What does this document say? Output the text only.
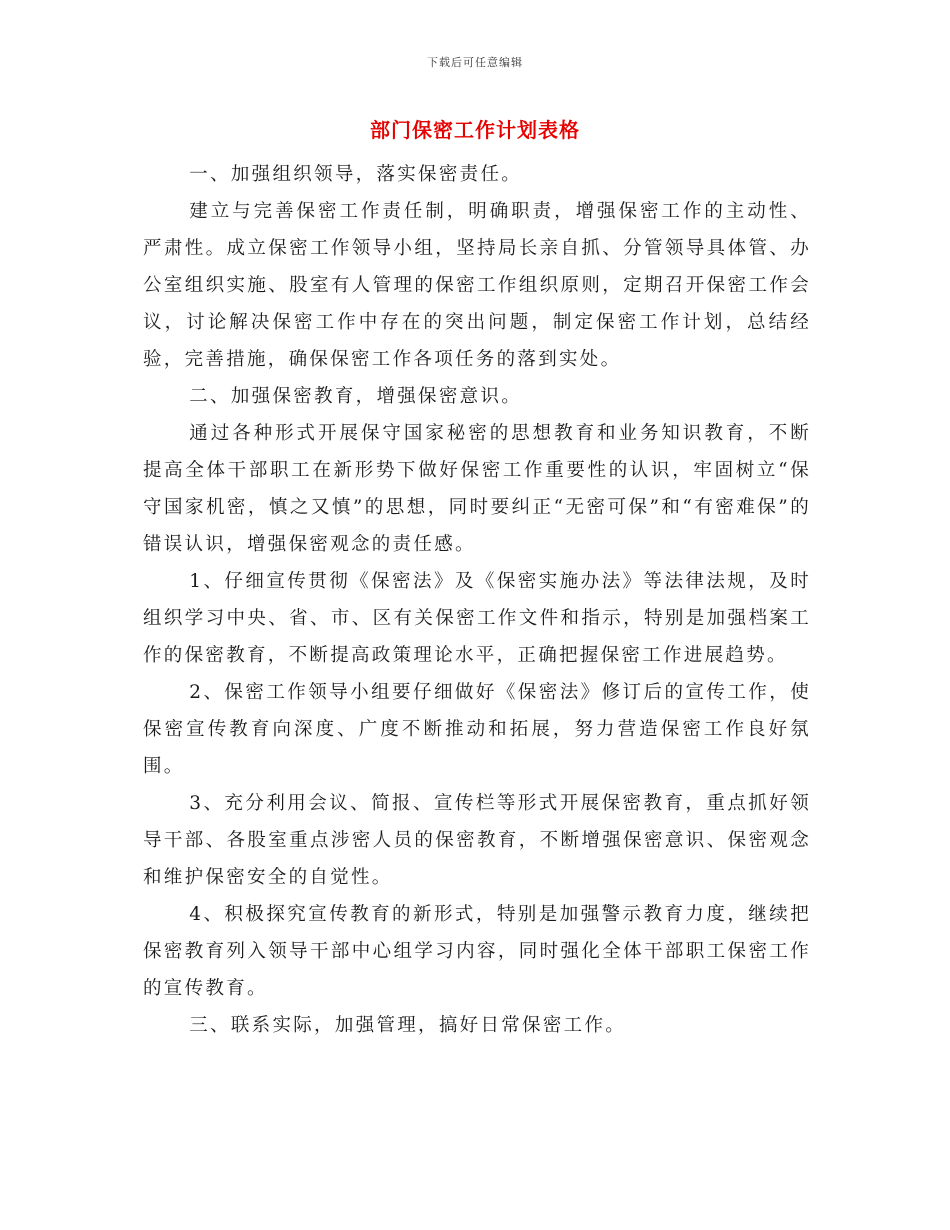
下载后可任意编辑
部门保密工作计划表格

一、加强组织领导，落实保密责任。

建立与完善保密工作责任制，明确职责，增强保密工作的主动性、严肃性。成立保密工作领导小组，坚持局长亲自抓、分管领导具体管、办公室组织实施、股室有人管理的保密工作组织原则，定期召开保密工作会议，讨论解决保密工作中存在的突出问题，制定保密工作计划，总结经验，完善措施，确保保密工作各项任务的落到实处。

二、加强保密教育，增强保密意识。

通过各种形式开展保守国家秘密的思想教育和业务知识教育，不断提高全体干部职工在新形势下做好保密工作重要性的认识，牢固树立“保守国家机密，慎之又慎”的思想，同时要纠正“无密可保”和“有密难保”的错误认识，增强保密观念的责任感。

1、仔细宣传贯彻《保密法》及《保密实施办法》等法律法规，及时组织学习中央、省、市、区有关保密工作文件和指示，特别是加强档案工作的保密教育，不断提高政策理论水平，正确把握保密工作进展趋势。

2、保密工作领导小组要仔细做好《保密法》修订后的宣传工作，使保密宣传教育向深度、广度不断推动和拓展，努力营造保密工作良好氛围。

3、充分利用会议、简报、宣传栏等形式开展保密教育，重点抓好领导干部、各股室重点涉密人员的保密教育，不断增强保密意识、保密观念和维护保密安全的自觉性。

4、积极探究宣传教育的新形式，特别是加强警示教育力度，继续把保密教育列入领导干部中心组学习内容，同时强化全体干部职工保密工作的宣传教育。

三、联系实际，加强管理，搞好日常保密工作。
